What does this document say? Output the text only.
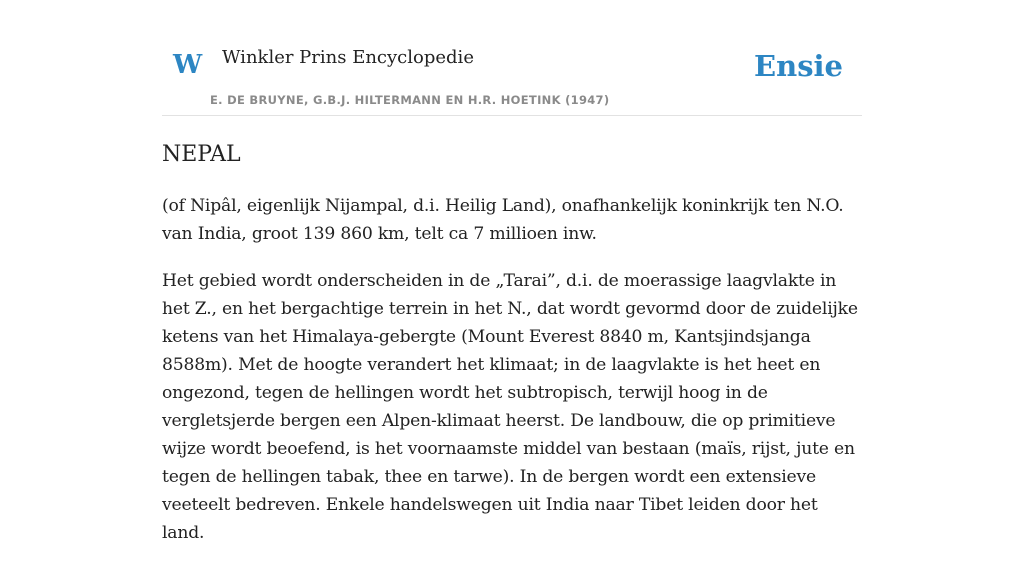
W Winkler Prins Encyclopedie
E. DE BRUYNE, G.B.J. HILTERMANN EN H.R. HOETINK (1947)
Ensie
NEPAL

(of Nipâl, eigenlijk Nijampal, d.i. Heilig Land), onafhankelijk koninkrijk ten N.O. van India, groot 139 860 km, telt ca 7 millioen inw.

Het gebied wordt onderscheiden in de „Tarai”, d.i. de moerassige laagvlakte in het Z., en het bergachtige terrein in het N., dat wordt gevormd door de zuidelijke ketens van het Himalaya-gebergte (Mount Everest 8840 m, Kantsjindsjanga 8588m). Met de hoogte verandert het klimaat; in de laagvlakte is het heet en ongezond, tegen de hellingen wordt het subtropisch, terwijl hoog in de vergletsjerde bergen een Alpen-klimaat heerst. De landbouw, die op primitieve wijze wordt beoefend, is het voornaamste middel van bestaan (maïs, rijst, jute en tegen de hellingen tabak, thee en tarwe). In de bergen wordt een extensieve veeteelt bedreven. Enkele handelswegen uit India naar Tibet leiden door het land.
